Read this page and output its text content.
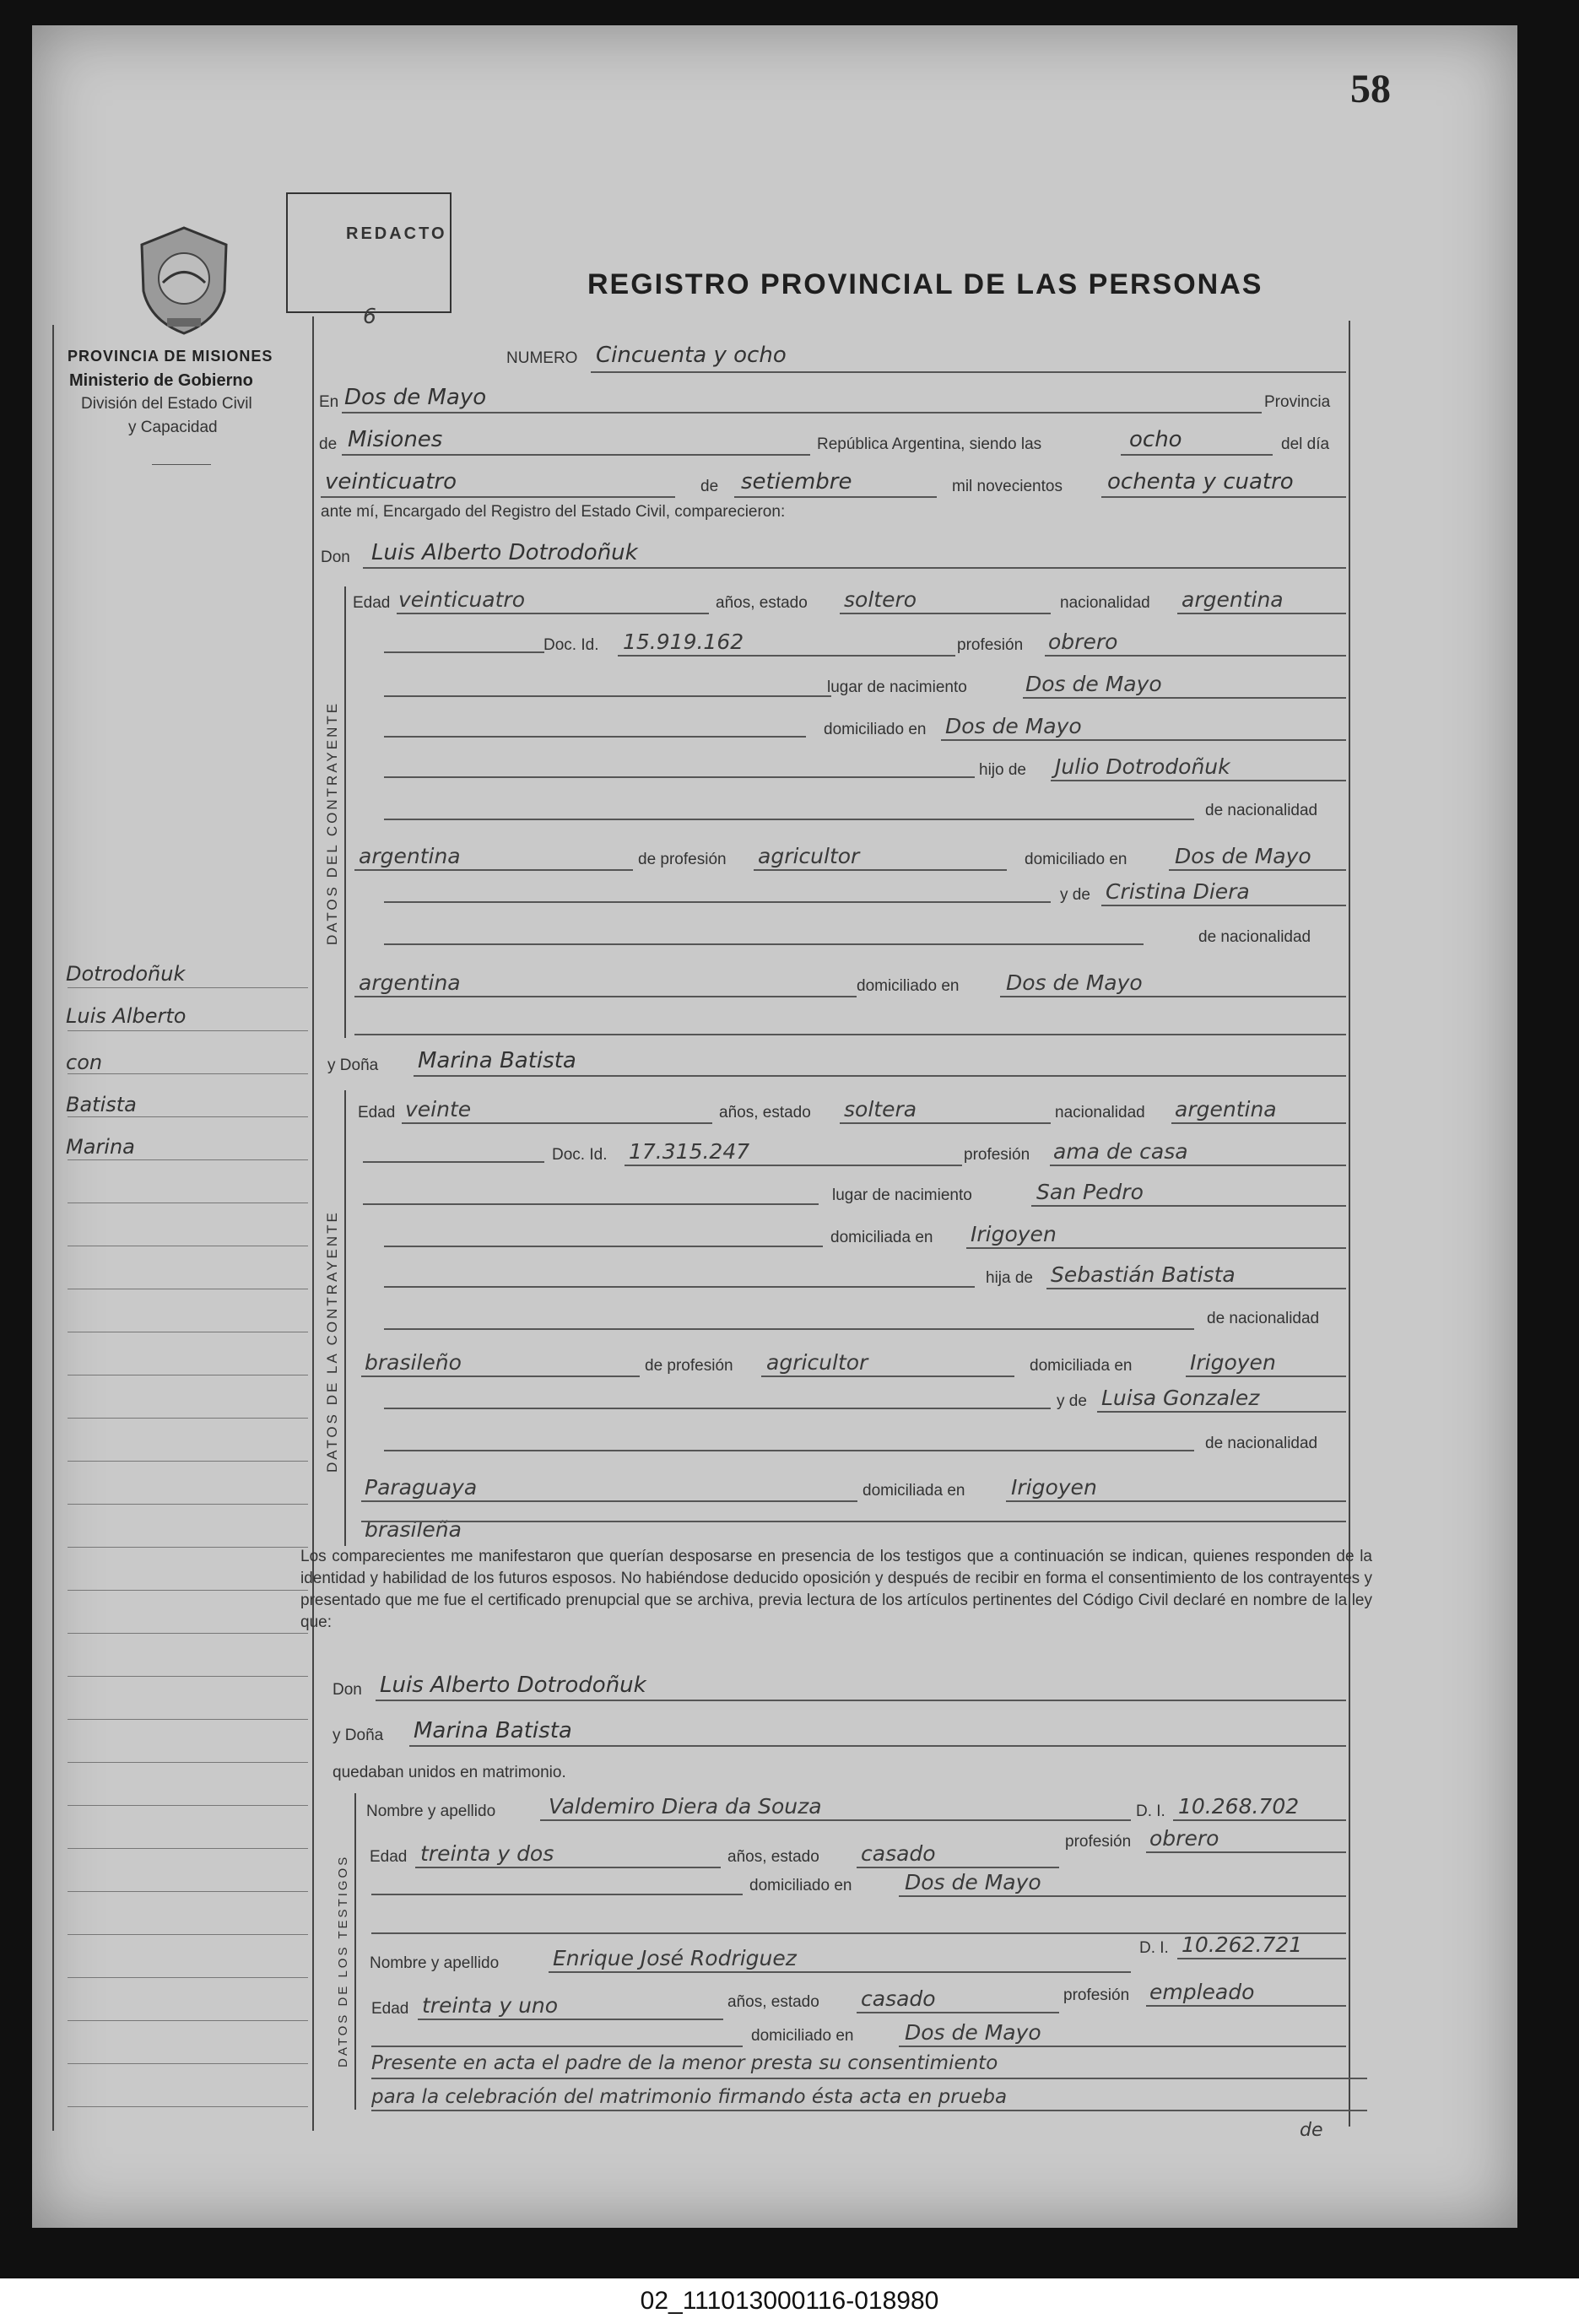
58
PROVINCIA DE MISIONES
Ministerio de Gobierno
División del Estado Civil
y Capacidad
REDACTO
6
REGISTRO PROVINCIAL DE LAS PERSONAS
Dotrodoñuk
Luis Alberto
con
Batista
Marina
NUMERO Cincuenta y ocho
En Dos de Mayo	Provincia
de Misiones	República Argentina, siendo las	ocho	del día
veinticuatro	de setiembre	mil novecientos ochenta y cuatro
ante mí, Encargado del Registro del Estado Civil, comparecieron:
Don Luis Alberto Dotrodoñuk
DATOS DEL CONTRAYENTE
Edad veinticuatro	años, estado soltero	nacionalidad argentina
Doc. Id. 15.919.162	profesión obrero
lugar de nacimiento	Dos de Mayo
domiciliado en Dos de Mayo
hijo de Julio Dotrodoñuk
de nacionalidad
argentina	de profesión agricultor	domiciliado en Dos de Mayo
y de Cristina Diera
de nacionalidad
argentina	domiciliado en Dos de Mayo
y Doña Marina Batista
DATOS DE LA CONTRAYENTE
Edad veinte	años, estado soltera	nacionalidad argentina
Doc. Id. 17.315.247	profesión ama de casa
lugar de nacimiento	San Pedro
domiciliada en Irigoyen
hija de Sebastián Batista
de nacionalidad
brasileño	de profesión agricultor	domiciliada en	Irigoyen
y de Luisa Gonzalez
de nacionalidad
Paraguaya	domiciliada en Irigoyen
brasileña
Los comparecientes me manifestaron que querían desposarse en presencia de los testigos que a continuación se indican, quienes responden de la identidad y habilidad de los futuros esposos. No habiéndose deducido oposición y después de recibir en forma el consentimiento de los contrayentes y presentado que me fue el certificado prenupcial que se archiva, previa lectura de los artículos pertinentes del Código Civil declaré en nombre de la ley que:
Don Luis Alberto Dotrodoñuk
y Doña Marina Batista
quedaban unidos en matrimonio.
DATOS DE LOS TESTIGOS
Nombre y apellido	Valdemiro Diera da Souza	D. I. 10.268.702
Edad treinta y dos	años, estado casado	profesión obrero
domiciliado en	Dos de Mayo
Nombre y apellido	Enrique José Rodriguez	D. I. 10.262.721
Edad treinta y uno	años, estado casado	profesión empleado
domiciliado en Dos de Mayo
Presente en acta el padre de la menor presta su consentimiento
para la celebración del matrimonio firmando ésta acta en prueba
de
02_111013000116-018980
